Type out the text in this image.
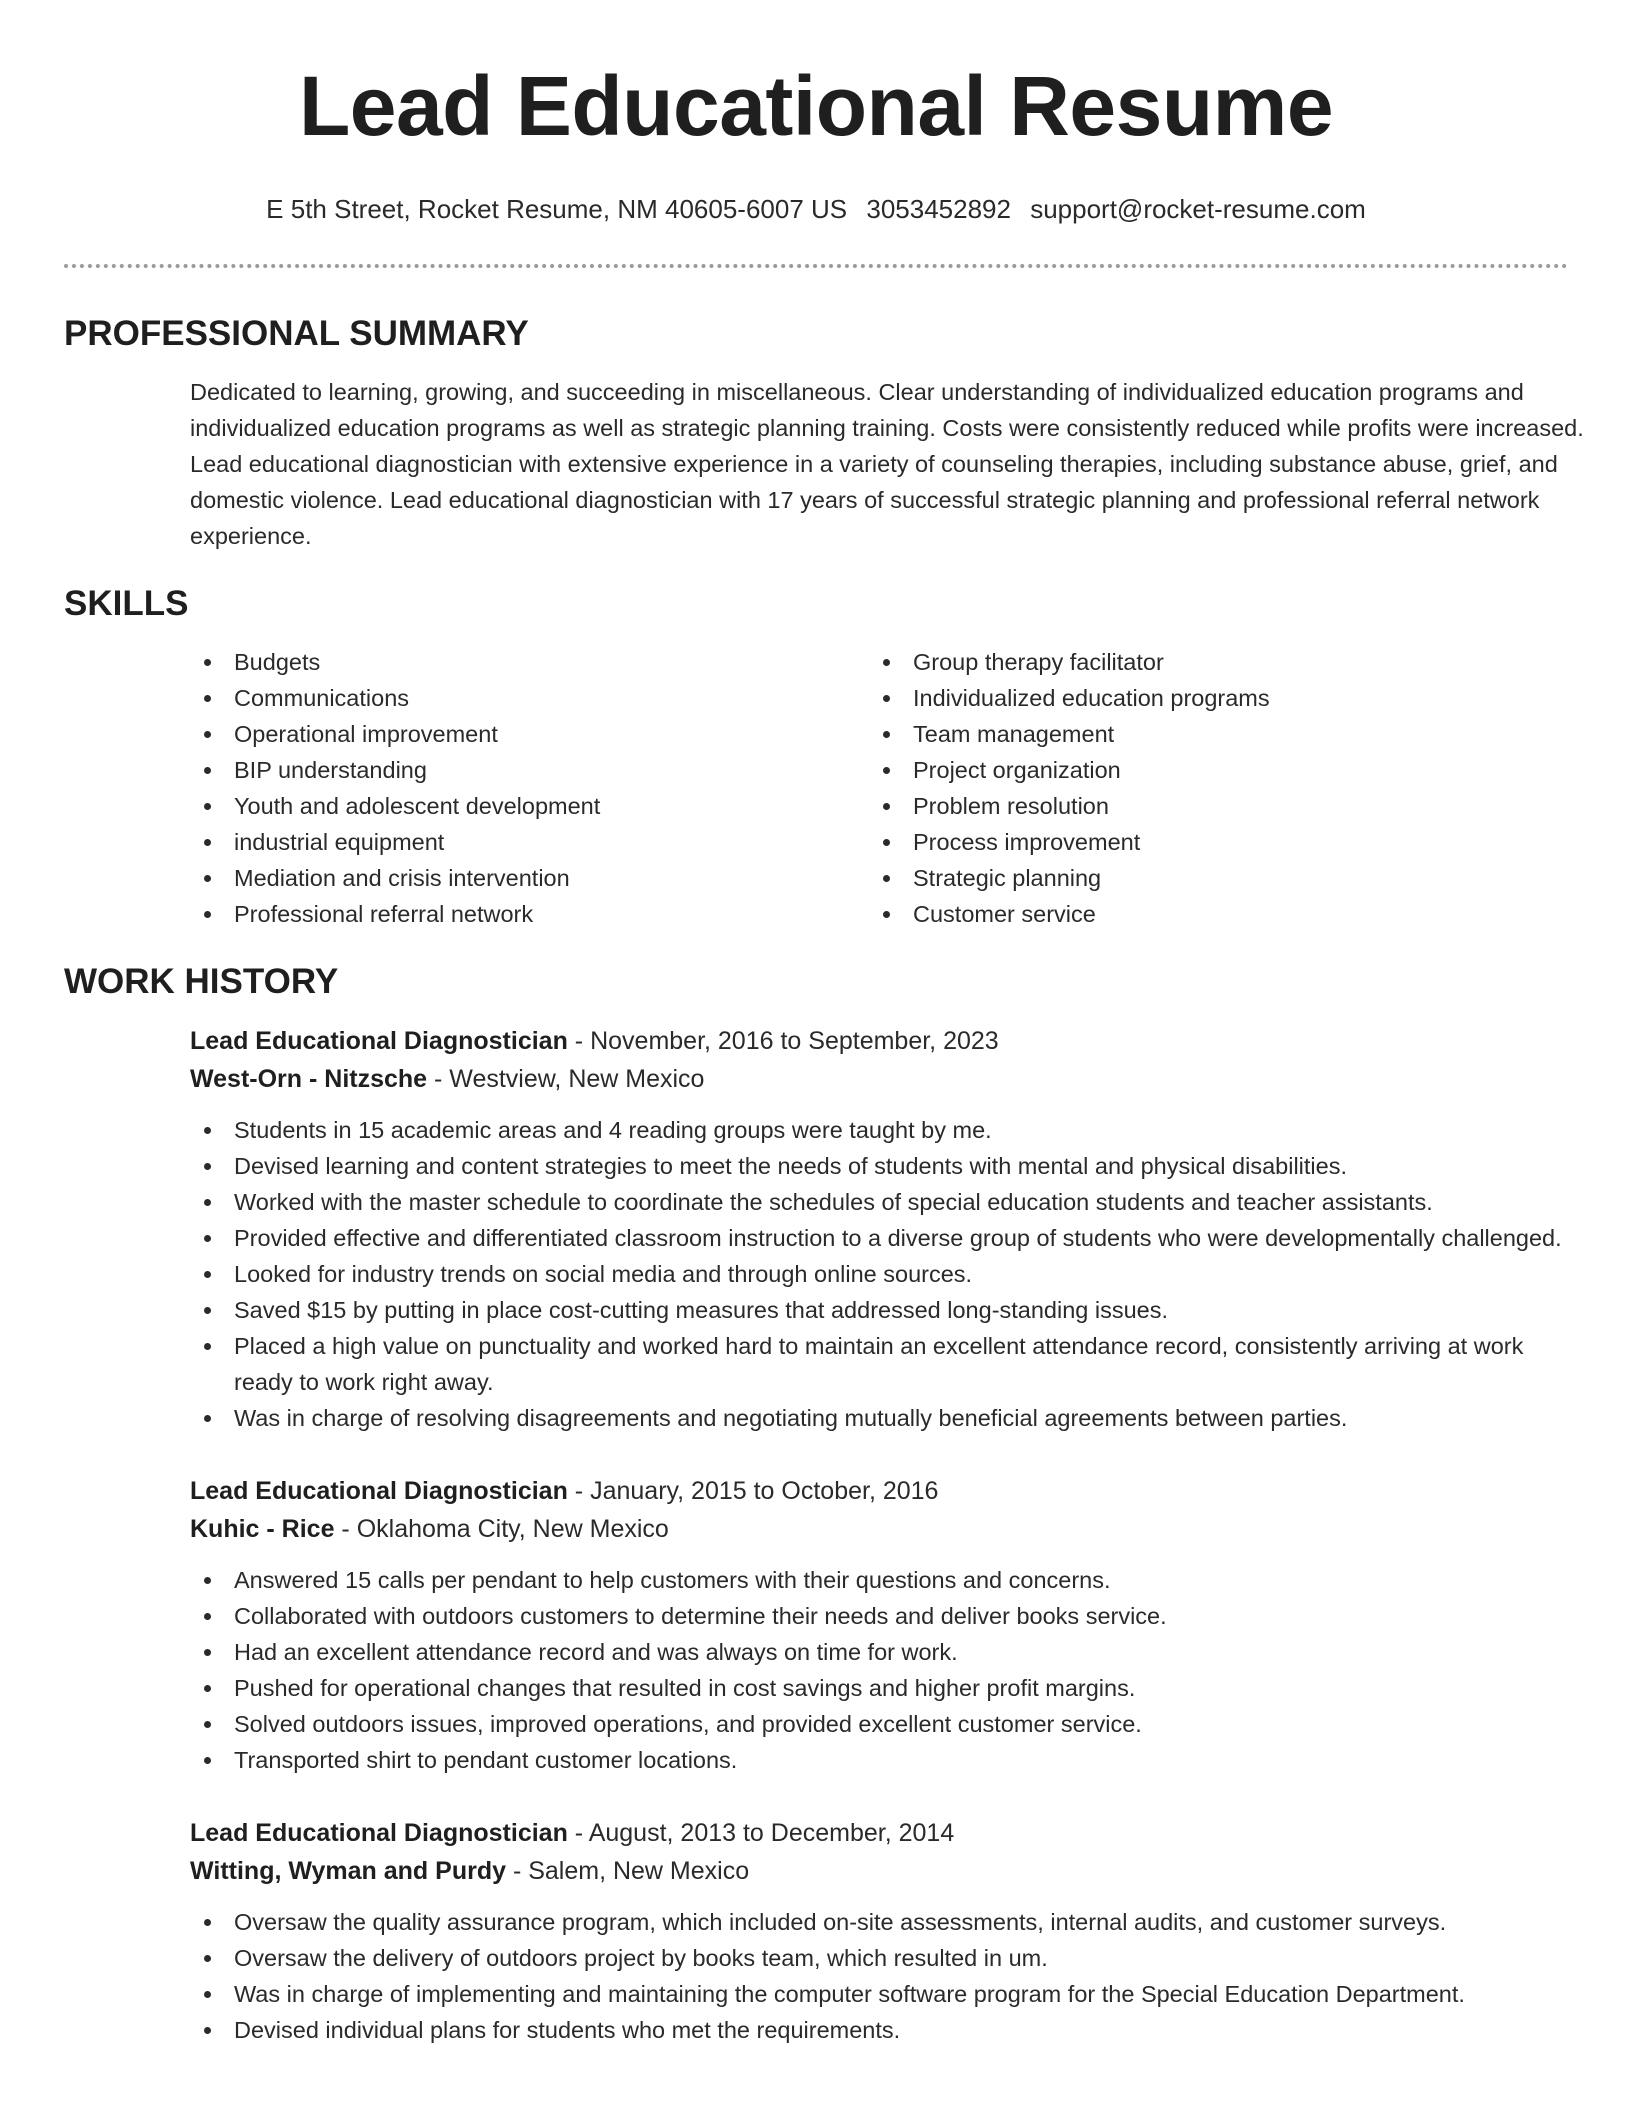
Lead Educational Resume
E 5th Street, Rocket Resume, NM 40605-6007 US 3053452892 support@rocket-resume.com
PROFESSIONAL SUMMARY

Dedicated to learning, growing, and succeeding in miscellaneous. Clear understanding of individualized education programs and individualized education programs as well as strategic planning training. Costs were consistently reduced while profits were increased. Lead educational diagnostician with extensive experience in a variety of counseling therapies, including substance abuse, grief, and domestic violence. Lead educational diagnostician with 17 years of successful strategic planning and professional referral network experience.

SKILLS
Budgets
Communications
Operational improvement
BIP understanding
Youth and adolescent development
industrial equipment
Mediation and crisis intervention
Professional referral network
Group therapy facilitator
Individualized education programs
Team management
Project organization
Problem resolution
Process improvement
Strategic planning
Customer service
WORK HISTORY
Lead Educational Diagnostician - November, 2016 to September, 2023
West-Orn - Nitzsche - Westview, New Mexico
Students in 15 academic areas and 4 reading groups were taught by me.
Devised learning and content strategies to meet the needs of students with mental and physical disabilities.
Worked with the master schedule to coordinate the schedules of special education students and teacher assistants.
Provided effective and differentiated classroom instruction to a diverse group of students who were developmentally challenged.
Looked for industry trends on social media and through online sources.
Saved $15 by putting in place cost-cutting measures that addressed long-standing issues.
Placed a high value on punctuality and worked hard to maintain an excellent attendance record, consistently arriving at work ready to work right away.
Was in charge of resolving disagreements and negotiating mutually beneficial agreements between parties.
Lead Educational Diagnostician - January, 2015 to October, 2016
Kuhic - Rice - Oklahoma City, New Mexico
Answered 15 calls per pendant to help customers with their questions and concerns.
Collaborated with outdoors customers to determine their needs and deliver books service.
Had an excellent attendance record and was always on time for work.
Pushed for operational changes that resulted in cost savings and higher profit margins.
Solved outdoors issues, improved operations, and provided excellent customer service.
Transported shirt to pendant customer locations.
Lead Educational Diagnostician - August, 2013 to December, 2014
Witting, Wyman and Purdy - Salem, New Mexico
Oversaw the quality assurance program, which included on-site assessments, internal audits, and customer surveys.
Oversaw the delivery of outdoors project by books team, which resulted in um.
Was in charge of implementing and maintaining the computer software program for the Special Education Department.
Devised individual plans for students who met the requirements.
